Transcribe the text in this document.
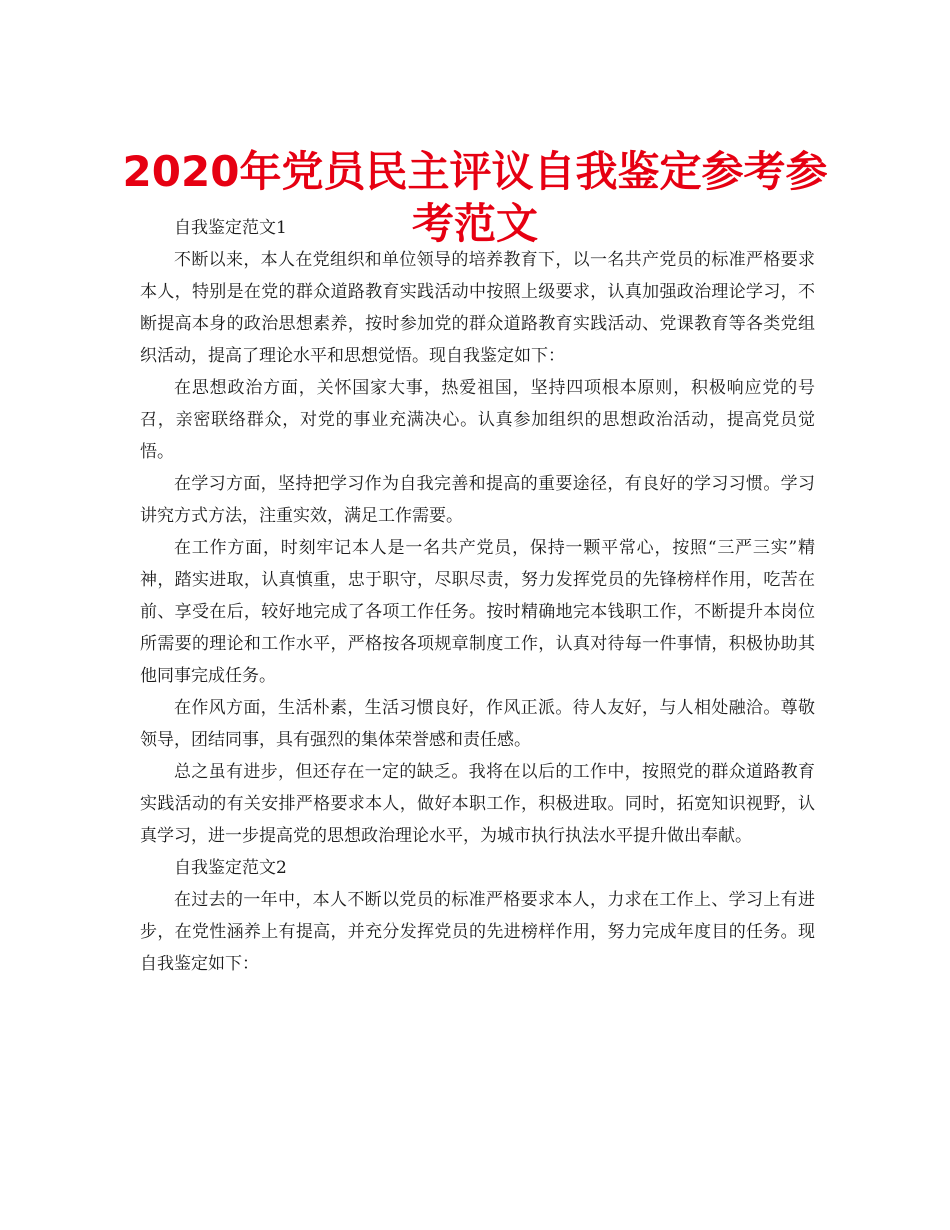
2020年党员民主评议自我鉴定参考参考范文

自我鉴定范文1

不断以来，本人在党组织和单位领导的培养教育下，以一名共产党员的标准严格要求本人，特别是在党的群众道路教育实践活动中按照上级要求，认真加强政治理论学习，不断提高本身的政治思想素养，按时参加党的群众道路教育实践活动、党课教育等各类党组织活动，提高了理论水平和思想觉悟。现自我鉴定如下：

在思想政治方面，关怀国家大事，热爱祖国，坚持四项根本原则，积极响应党的号召，亲密联络群众，对党的事业充满决心。认真参加组织的思想政治活动，提高党员觉悟。

在学习方面，坚持把学习作为自我完善和提高的重要途径，有良好的学习习惯。学习讲究方式方法，注重实效，满足工作需要。

在工作方面，时刻牢记本人是一名共产党员，保持一颗平常心，按照“三严三实”精神，踏实进取，认真慎重，忠于职守，尽职尽责，努力发挥党员的先锋榜样作用，吃苦在前、享受在后，较好地完成了各项工作任务。按时精确地完本钱职工作，不断提升本岗位所需要的理论和工作水平，严格按各项规章制度工作，认真对待每一件事情，积极协助其他同事完成任务。

在作风方面，生活朴素，生活习惯良好，作风正派。待人友好，与人相处融洽。尊敬领导，团结同事，具有强烈的集体荣誉感和责任感。

总之虽有进步，但还存在一定的缺乏。我将在以后的工作中，按照党的群众道路教育实践活动的有关安排严格要求本人，做好本职工作，积极进取。同时，拓宽知识视野，认真学习，进一步提高党的思想政治理论水平，为城市执行执法水平提升做出奉献。

自我鉴定范文2

在过去的一年中，本人不断以党员的标准严格要求本人，力求在工作上、学习上有进步，在党性涵养上有提高，并充分发挥党员的先进榜样作用，努力完成年度目的任务。现自我鉴定如下：
